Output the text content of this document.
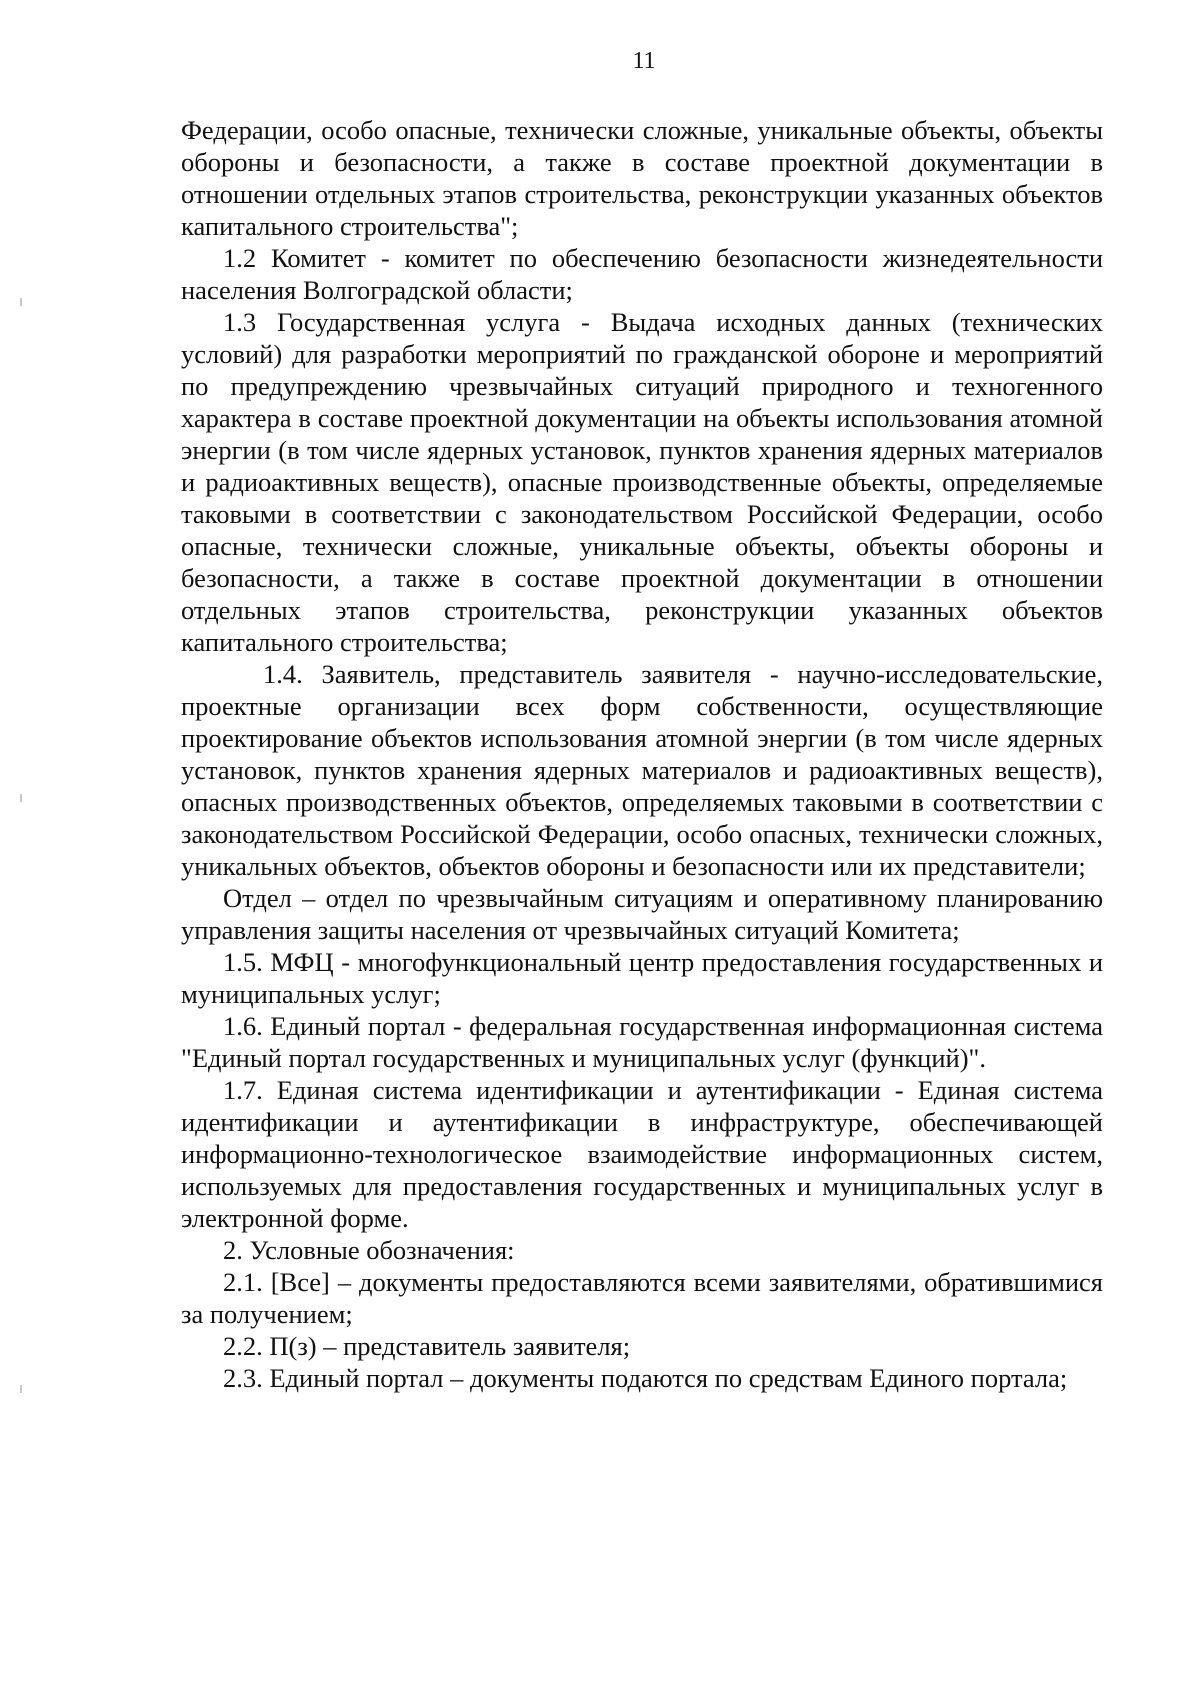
11

Федерации, особо опасные, технически сложные, уникальные объекты, объекты обороны и безопасности, а также в составе проектной документации в отношении отдельных этапов строительства, реконструкции указанных объектов капитального строительства";

1.2 Комитет - комитет по обеспечению безопасности жизнедеятельности населения Волгоградской области;

1.3 Государственная услуга - Выдача исходных данных (технических условий) для разработки мероприятий по гражданской обороне и мероприятий по предупреждению чрезвычайных ситуаций природного и техногенного характера в составе проектной документации на объекты использования атомной энергии (в том числе ядерных установок, пунктов хранения ядерных материалов и радиоактивных веществ), опасные производственные объекты, определяемые таковыми в соответствии с законодательством Российской Федерации, особо опасные, технически сложные, уникальные объекты, объекты обороны и безопасности, а также в составе проектной документации в отношении отдельных этапов строительства, реконструкции указанных объектов капитального строительства;

1.4. Заявитель, представитель заявителя - научно-исследовательские, проектные организации всех форм собственности, осуществляющие проектирование объектов использования атомной энергии (в том числе ядерных установок, пунктов хранения ядерных материалов и радиоактивных веществ), опасных производственных объектов, определяемых таковыми в соответствии с законодательством Российской Федерации, особо опасных, технически сложных, уникальных объектов, объектов обороны и безопасности или их представители;

Отдел – отдел по чрезвычайным ситуациям и оперативному планированию управления защиты населения от чрезвычайных ситуаций Комитета;

1.5. МФЦ - многофункциональный центр предоставления государственных и муниципальных услуг;

1.6. Единый портал - федеральная государственная информационная система "Единый портал государственных и муниципальных услуг (функций)".

1.7. Единая система идентификации и аутентификации - Единая система идентификации и аутентификации в инфраструктуре, обеспечивающей информационно-технологическое взаимодействие информационных систем, используемых для предоставления государственных и муниципальных услуг в электронной форме.

2. Условные обозначения:

2.1. [Все] – документы предоставляются всеми заявителями, обратившимися за получением;

2.2. П(з) – представитель заявителя;

2.3. Единый портал – документы подаются по средствам Единого портала;
